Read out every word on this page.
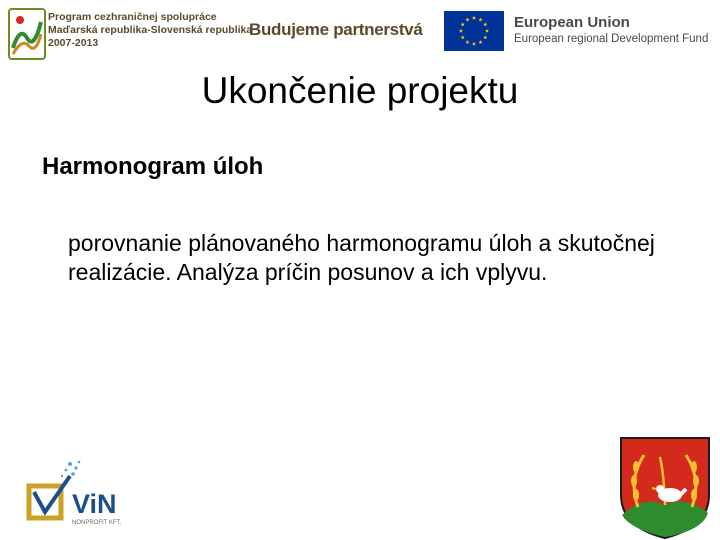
Program cezhraničnej spolupráce
Maďarská republika-Slovenská republika
2007-2013
Budujeme partnerstvá	European Union
European regional Development Fund
Ukončenie projektu
Harmonogram úloh
porovnanie plánovaného harmonogramu úloh a skutočnej realizácie. Analýza príčin posunov a ich vplyvu.
ViN
NONPROFIT KFT.
